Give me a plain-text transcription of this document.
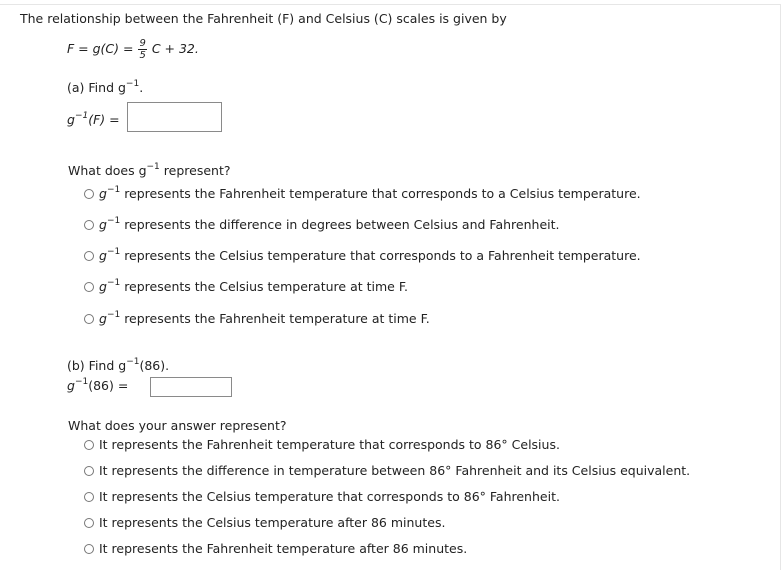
The relationship between the Fahrenheit (F) and Celsius (C) scales is given by
$F = g(C) = \frac{9}{5}$ C + 32.
(a) Find $g^{-1}$.
$g^{-1}(F)$ =
What does $g^{-1}$ represent?
$g^{-1}$ represents the Fahrenheit temperature that corresponds to a Celsius temperature.
$g^{-1}$ represents the difference in degrees between Celsius and Fahrenheit.
$g^{-1}$ represents the Celsius temperature that corresponds to a Fahrenheit temperature.
$g^{-1}$ represents the Celsius temperature at time F.
$g^{-1}$ represents the Fahrenheit temperature at time F.
(b) Find $g^{-1}(86)$.
$g^{-1}(86)$ =
What does your answer represent?
It represents the Fahrenheit temperature that corresponds to 86° Celsius.
It represents the difference in temperature between 86° Fahrenheit and its Celsius equivalent.
It represents the Celsius temperature that corresponds to 86° Fahrenheit.
It represents the Celsius temperature after 86 minutes.
It represents the Fahrenheit temperature after 86 minutes.
